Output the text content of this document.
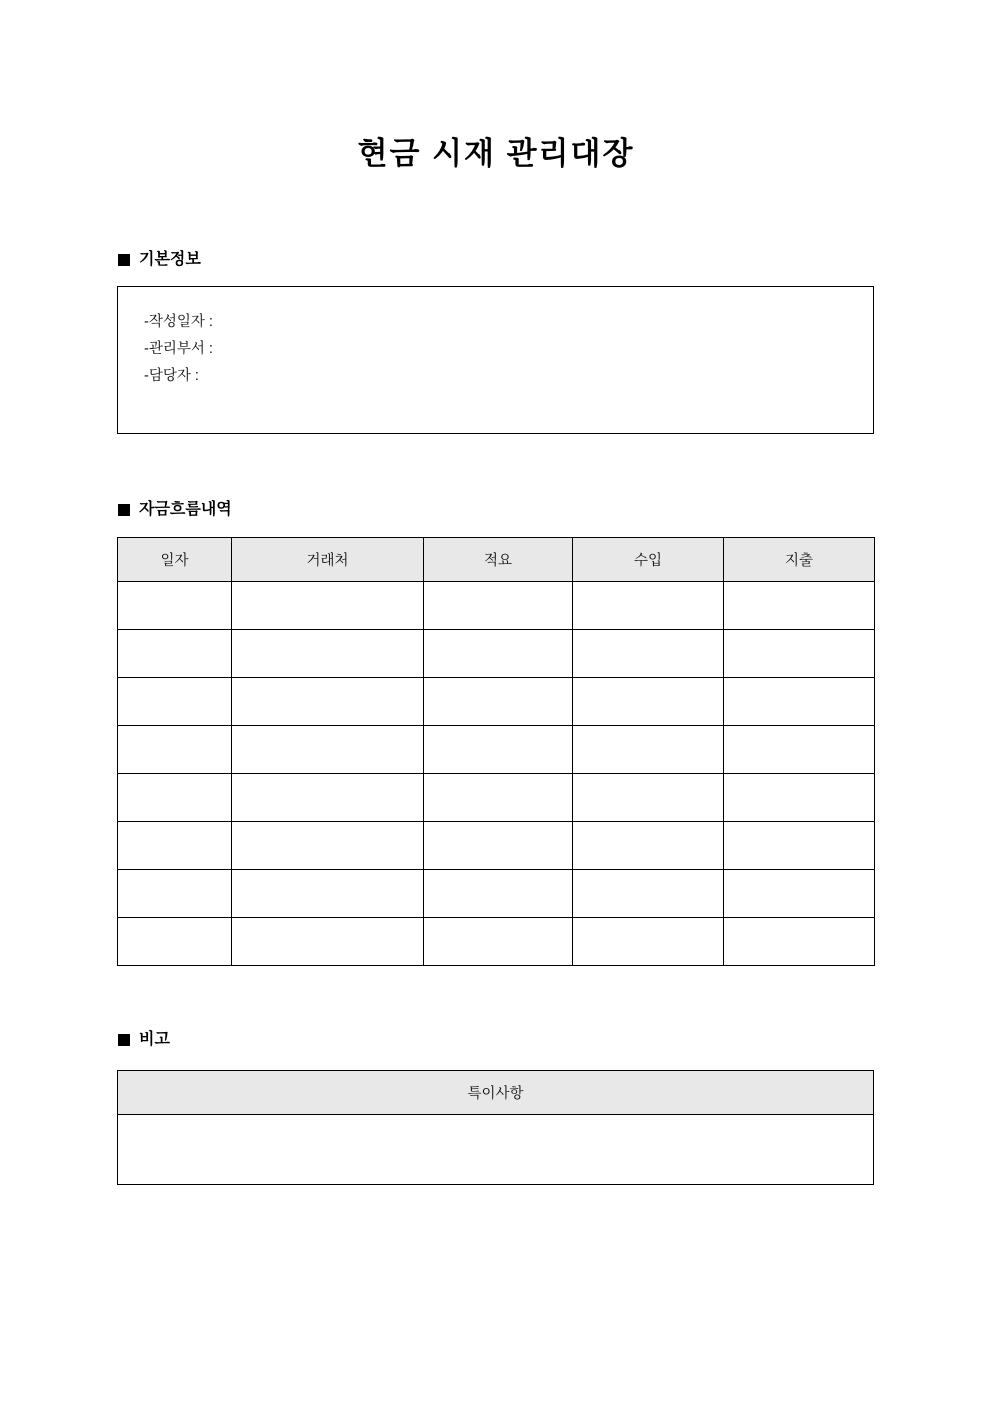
현금 시재 관리대장
기본정보
-작성일자 :
-관리부서 :
-담당자 :
자금흐름내역
일자	거래처	적요	수입	지출

비고
특이사항
